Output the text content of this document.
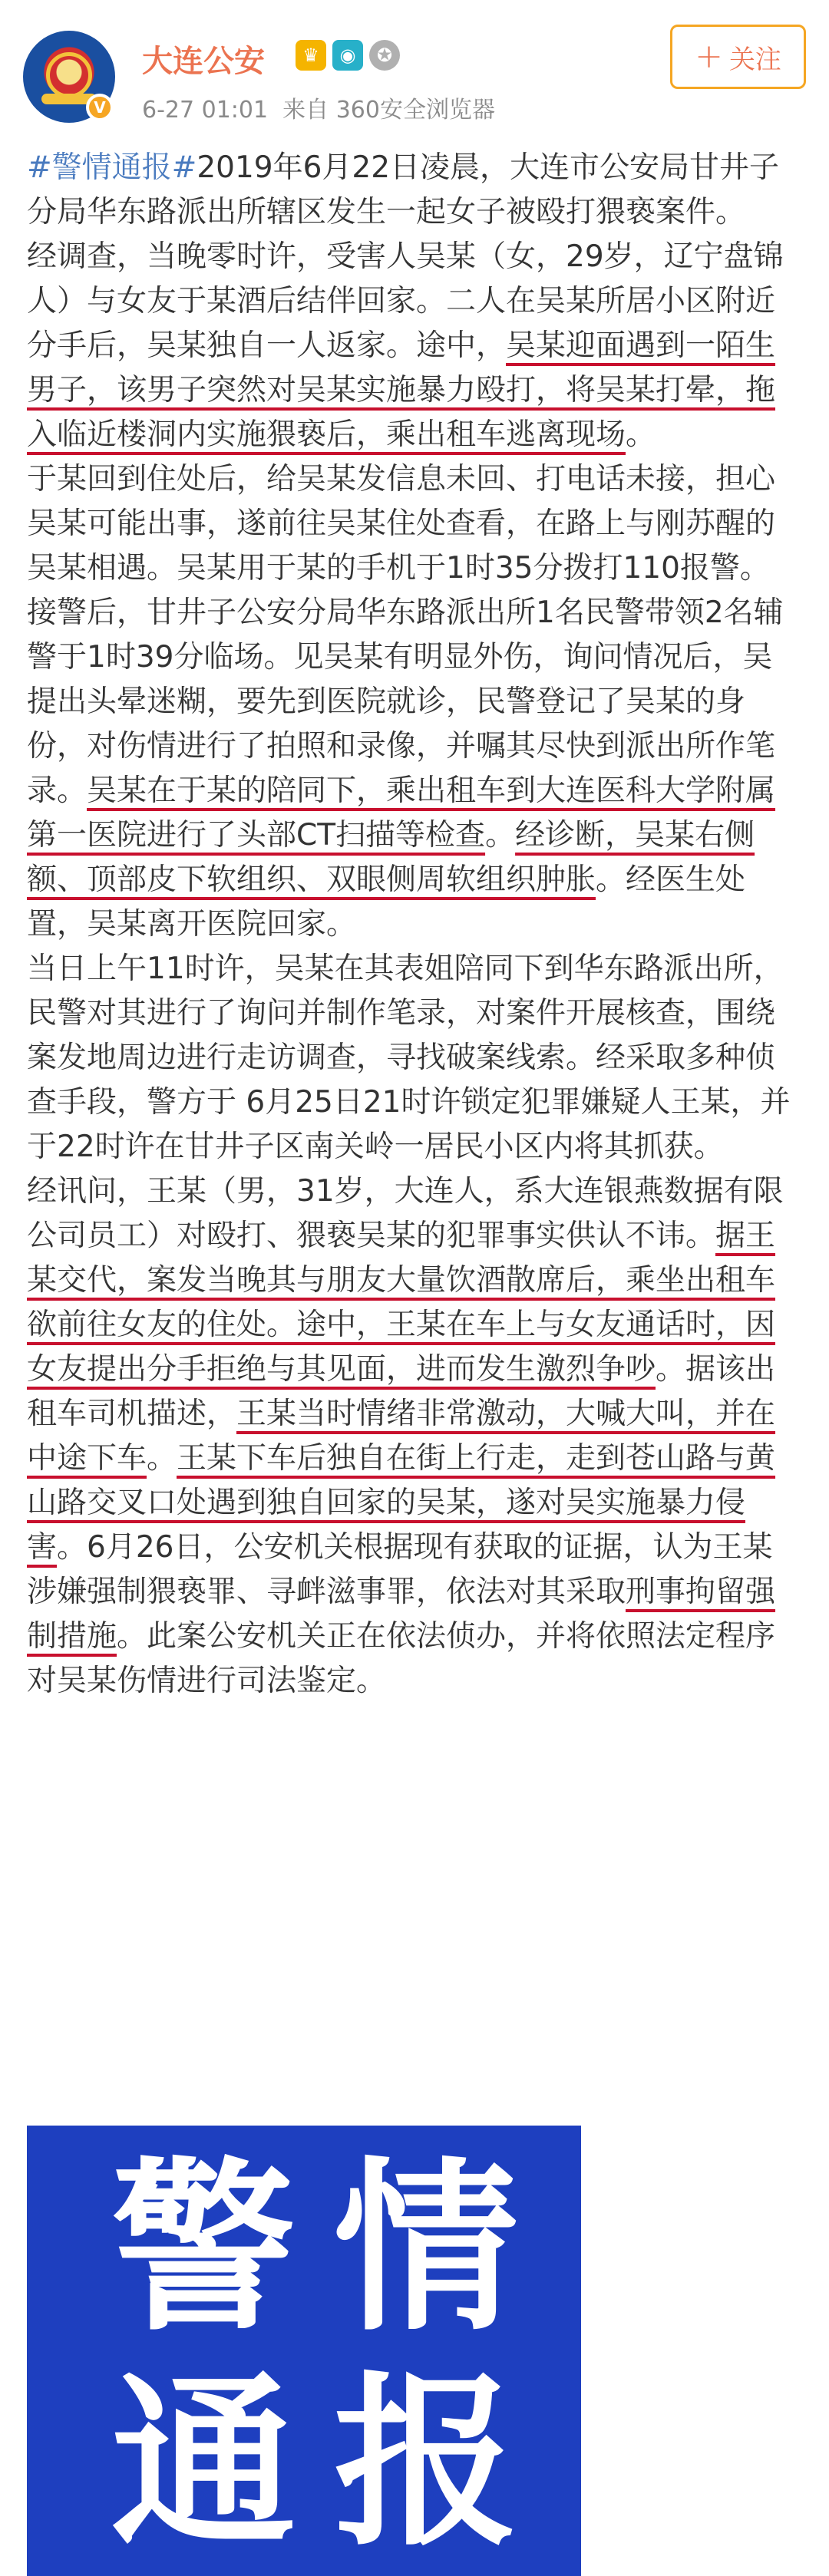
V
大连公安	♛	◉	✪
6-27 01:01 来自 360安全浏览器
+ 关注

#警情通报#2019年6月22日凌晨，大连市公安局甘井子分局华东路派出所辖区发生一起女子被殴打猥亵案件。

经调查，当晚零时许，受害人吴某（女，29岁，辽宁盘锦人）与女友于某酒后结伴回家。二人在吴某所居小区附近分手后，吴某独自一人返家。途中，吴某迎面遇到一陌生男子，该男子突然对吴某实施暴力殴打，将吴某打晕，拖入临近楼洞内实施猥亵后，乘出租车逃离现场。

于某回到住处后，给吴某发信息未回、打电话未接，担心吴某可能出事，遂前往吴某住处查看，在路上与刚苏醒的吴某相遇。吴某用于某的手机于1时35分拨打110报警。

接警后，甘井子公安分局华东路派出所1名民警带领2名辅警于1时39分临场。见吴某有明显外伤，询问情况后，吴提出头晕迷糊，要先到医院就诊，民警登记了吴某的身份，对伤情进行了拍照和录像，并嘱其尽快到派出所作笔录。吴某在于某的陪同下，乘出租车到大连医科大学附属第一医院进行了头部CT扫描等检查。经诊断，吴某右侧额、顶部皮下软组织、双眼侧周软组织肿胀。经医生处置，吴某离开医院回家。

当日上午11时许，吴某在其表姐陪同下到华东路派出所，民警对其进行了询问并制作笔录，对案件开展核查，围绕案发地周边进行走访调查，寻找破案线索。经采取多种侦查手段，警方于 6月25日21时许锁定犯罪嫌疑人王某，并于22时许在甘井子区南关岭一居民小区内将其抓获。

经讯问，王某（男，31岁，大连人，系大连银燕数据有限公司员工）对殴打、猥亵吴某的犯罪事实供认不讳。据王某交代，案发当晚其与朋友大量饮酒散席后，乘坐出租车欲前往女友的住处。途中，王某在车上与女友通话时，因女友提出分手拒绝与其见面，进而发生激烈争吵。据该出租车司机描述，王某当时情绪非常激动，大喊大叫，并在中途下车。王某下车后独自在街上行走，走到苍山路与黄山路交叉口处遇到独自回家的吴某，遂对吴实施暴力侵害。6月26日，公安机关根据现有获取的证据，认为王某涉嫌强制猥亵罪、寻衅滋事罪，依法对其采取刑事拘留强制措施。此案公安机关正在依法侦办，并将依照法定程序对吴某伤情进行司法鉴定。

警 情
通 报
